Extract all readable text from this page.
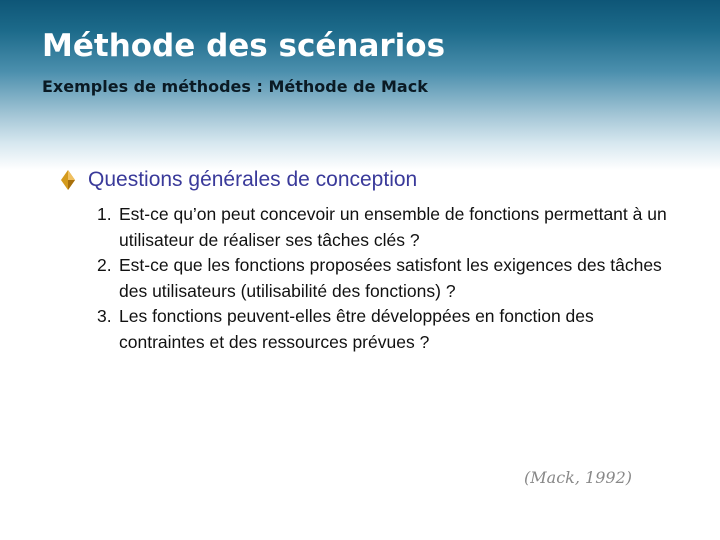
Méthode des scénarios
Exemples de méthodes : Méthode de Mack
Questions générales de conception
1. Est-ce qu’on peut concevoir un ensemble de fonctions permettant à un utilisateur de réaliser ses tâches clés ?
2. Est-ce que les fonctions proposées satisfont les exigences des tâches des utilisateurs (utilisabilité des fonctions) ?
3. Les fonctions peuvent-elles être développées en fonction des contraintes et des ressources prévues ?
(Mack, 1992)
